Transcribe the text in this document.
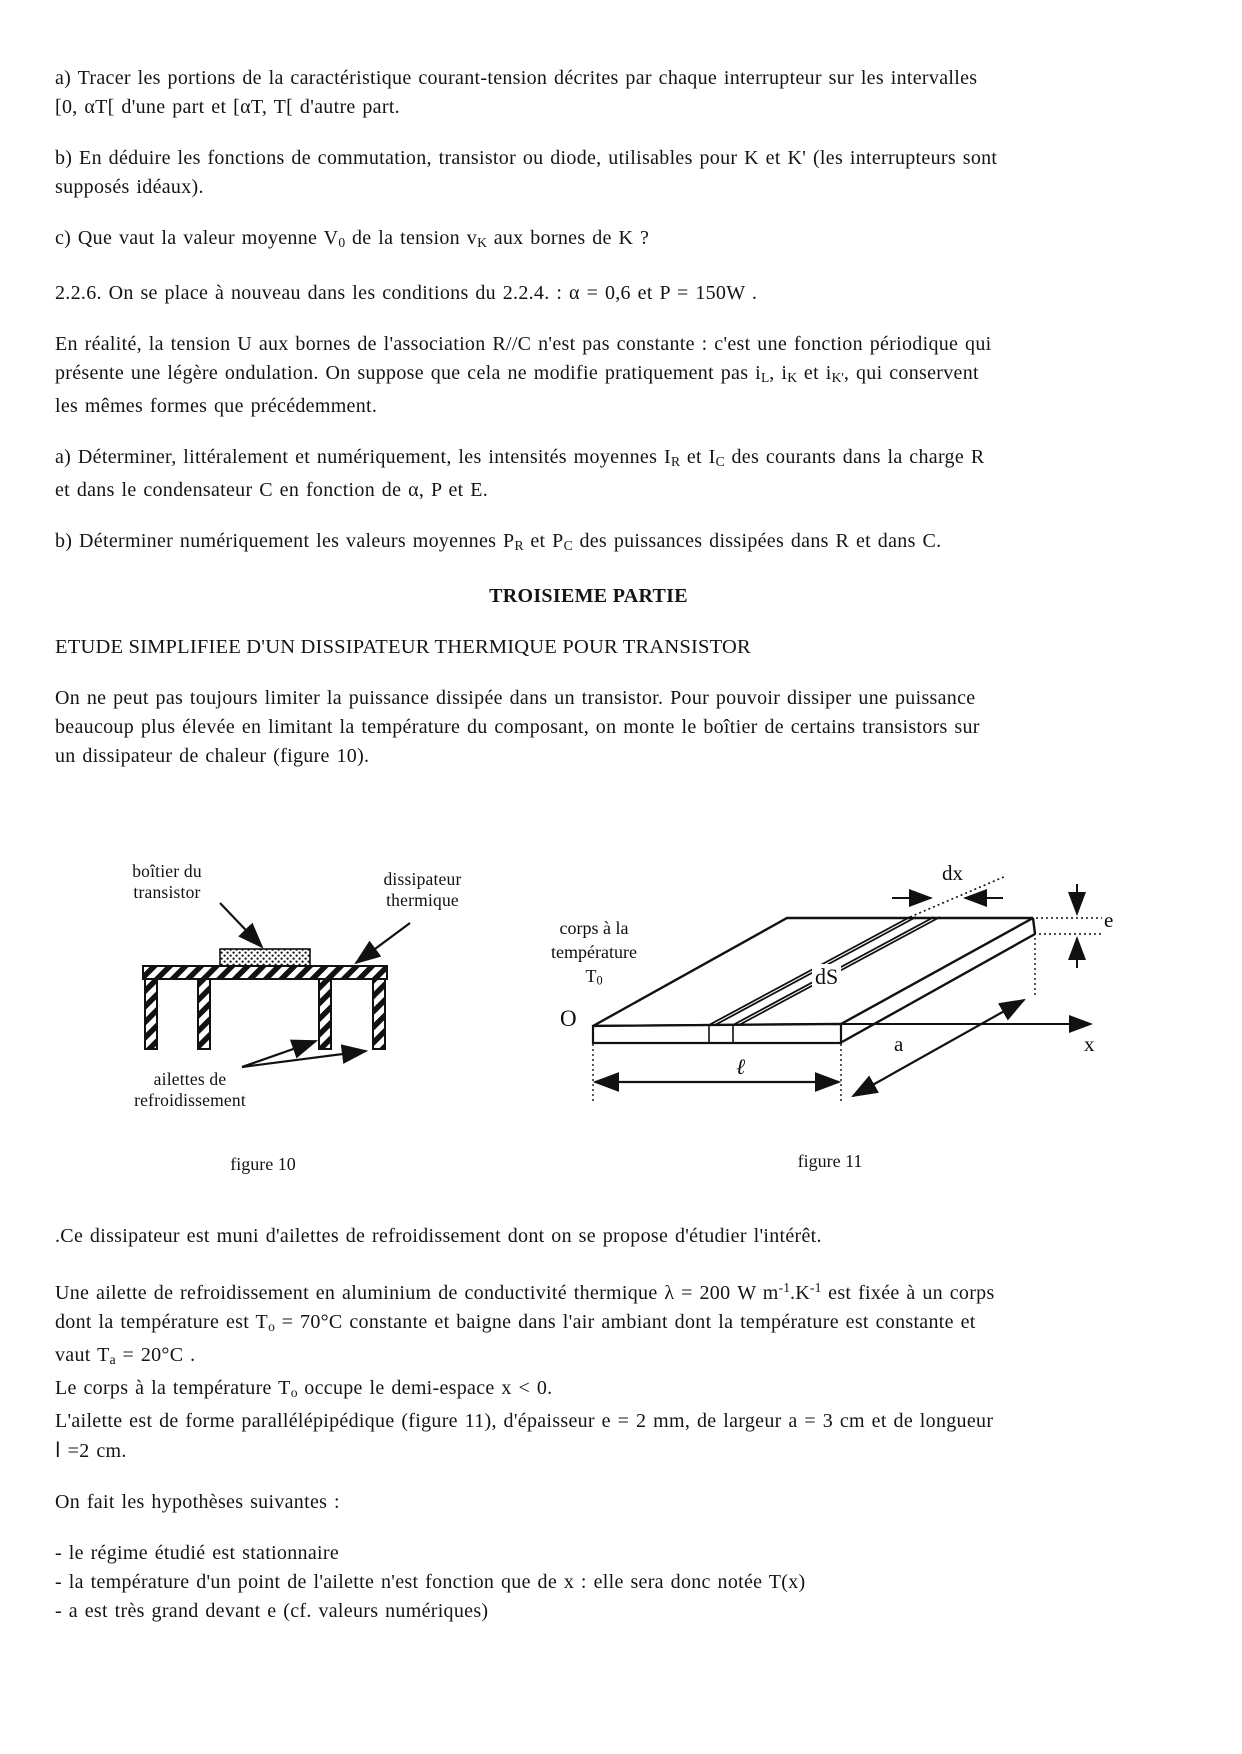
a) Tracer les portions de la caractéristique courant-tension décrites par chaque interrupteur sur les intervalles
[0, αT[ d'une part et [αT, T[ d'autre part.

b) En déduire les fonctions de commutation, transistor ou diode, utilisables pour K et K' (les interrupteurs sont
supposés idéaux).

c) Que vaut la valeur moyenne $V_0$ de la tension $v_K$ aux bornes de K ?

2.2.6. On se place à nouveau dans les conditions du 2.2.4. : α = 0,6 et P = 150W .

En réalité, la tension U aux bornes de l'association R//C n'est pas constante : c'est une fonction périodique qui
présente une légère ondulation. On suppose que cela ne modifie pratiquement pas $i_L$, $i_K$ et $i_{K'}$, qui conservent
les mêmes formes que précédemment.

a) Déterminer, littéralement et numériquement, les intensités moyennes $I_R$ et $I_C$ des courants dans la charge R
et dans le condensateur C en fonction de α, P et E.

b) Déterminer numériquement les valeurs moyennes $P_R$ et $P_C$ des puissances dissipées dans R et dans C.

TROISIEME PARTIE

ETUDE SIMPLIFIEE D'UN DISSIPATEUR THERMIQUE POUR TRANSISTOR

On ne peut pas toujours limiter la puissance dissipée dans un transistor. Pour pouvoir dissiper une puissance
beaucoup plus élevée en limitant la température du composant, on monte le boîtier de certains transistors sur
un dissipateur de chaleur (figure 10).

boîtier du
transistor
dissipateur
thermique
ailettes de
refroidissement
corps à la
température
$T_0$
O
dx
e
dS
a	x
ℓ
figure 10	figure 11

.Ce dissipateur est muni d'ailettes de refroidissement dont on se propose d'étudier l'intérêt.

Une ailette de refroidissement en aluminium de conductivité thermique λ = 200 W $m^{-1}.K^{-1}$ est fixée à un corps
dont la température est $T_o = 70^\circ C$ constante et baigne dans l'air ambiant dont la température est constante et
vaut $T_a = 20^\circ C$ .

Le corps à la température $T_o$ occupe le demi-espace x < 0.

L'ailette est de forme parallélépipédique (figure 11), d'épaisseur e = 2 mm, de largeur a = 3 cm et de longueur

l =2 cm.

On fait les hypothèses suivantes :

- le régime étudié est stationnaire

- la température d'un point de l'ailette n'est fonction que de x : elle sera donc notée T(x)

- a est très grand devant e (cf. valeurs numériques)
